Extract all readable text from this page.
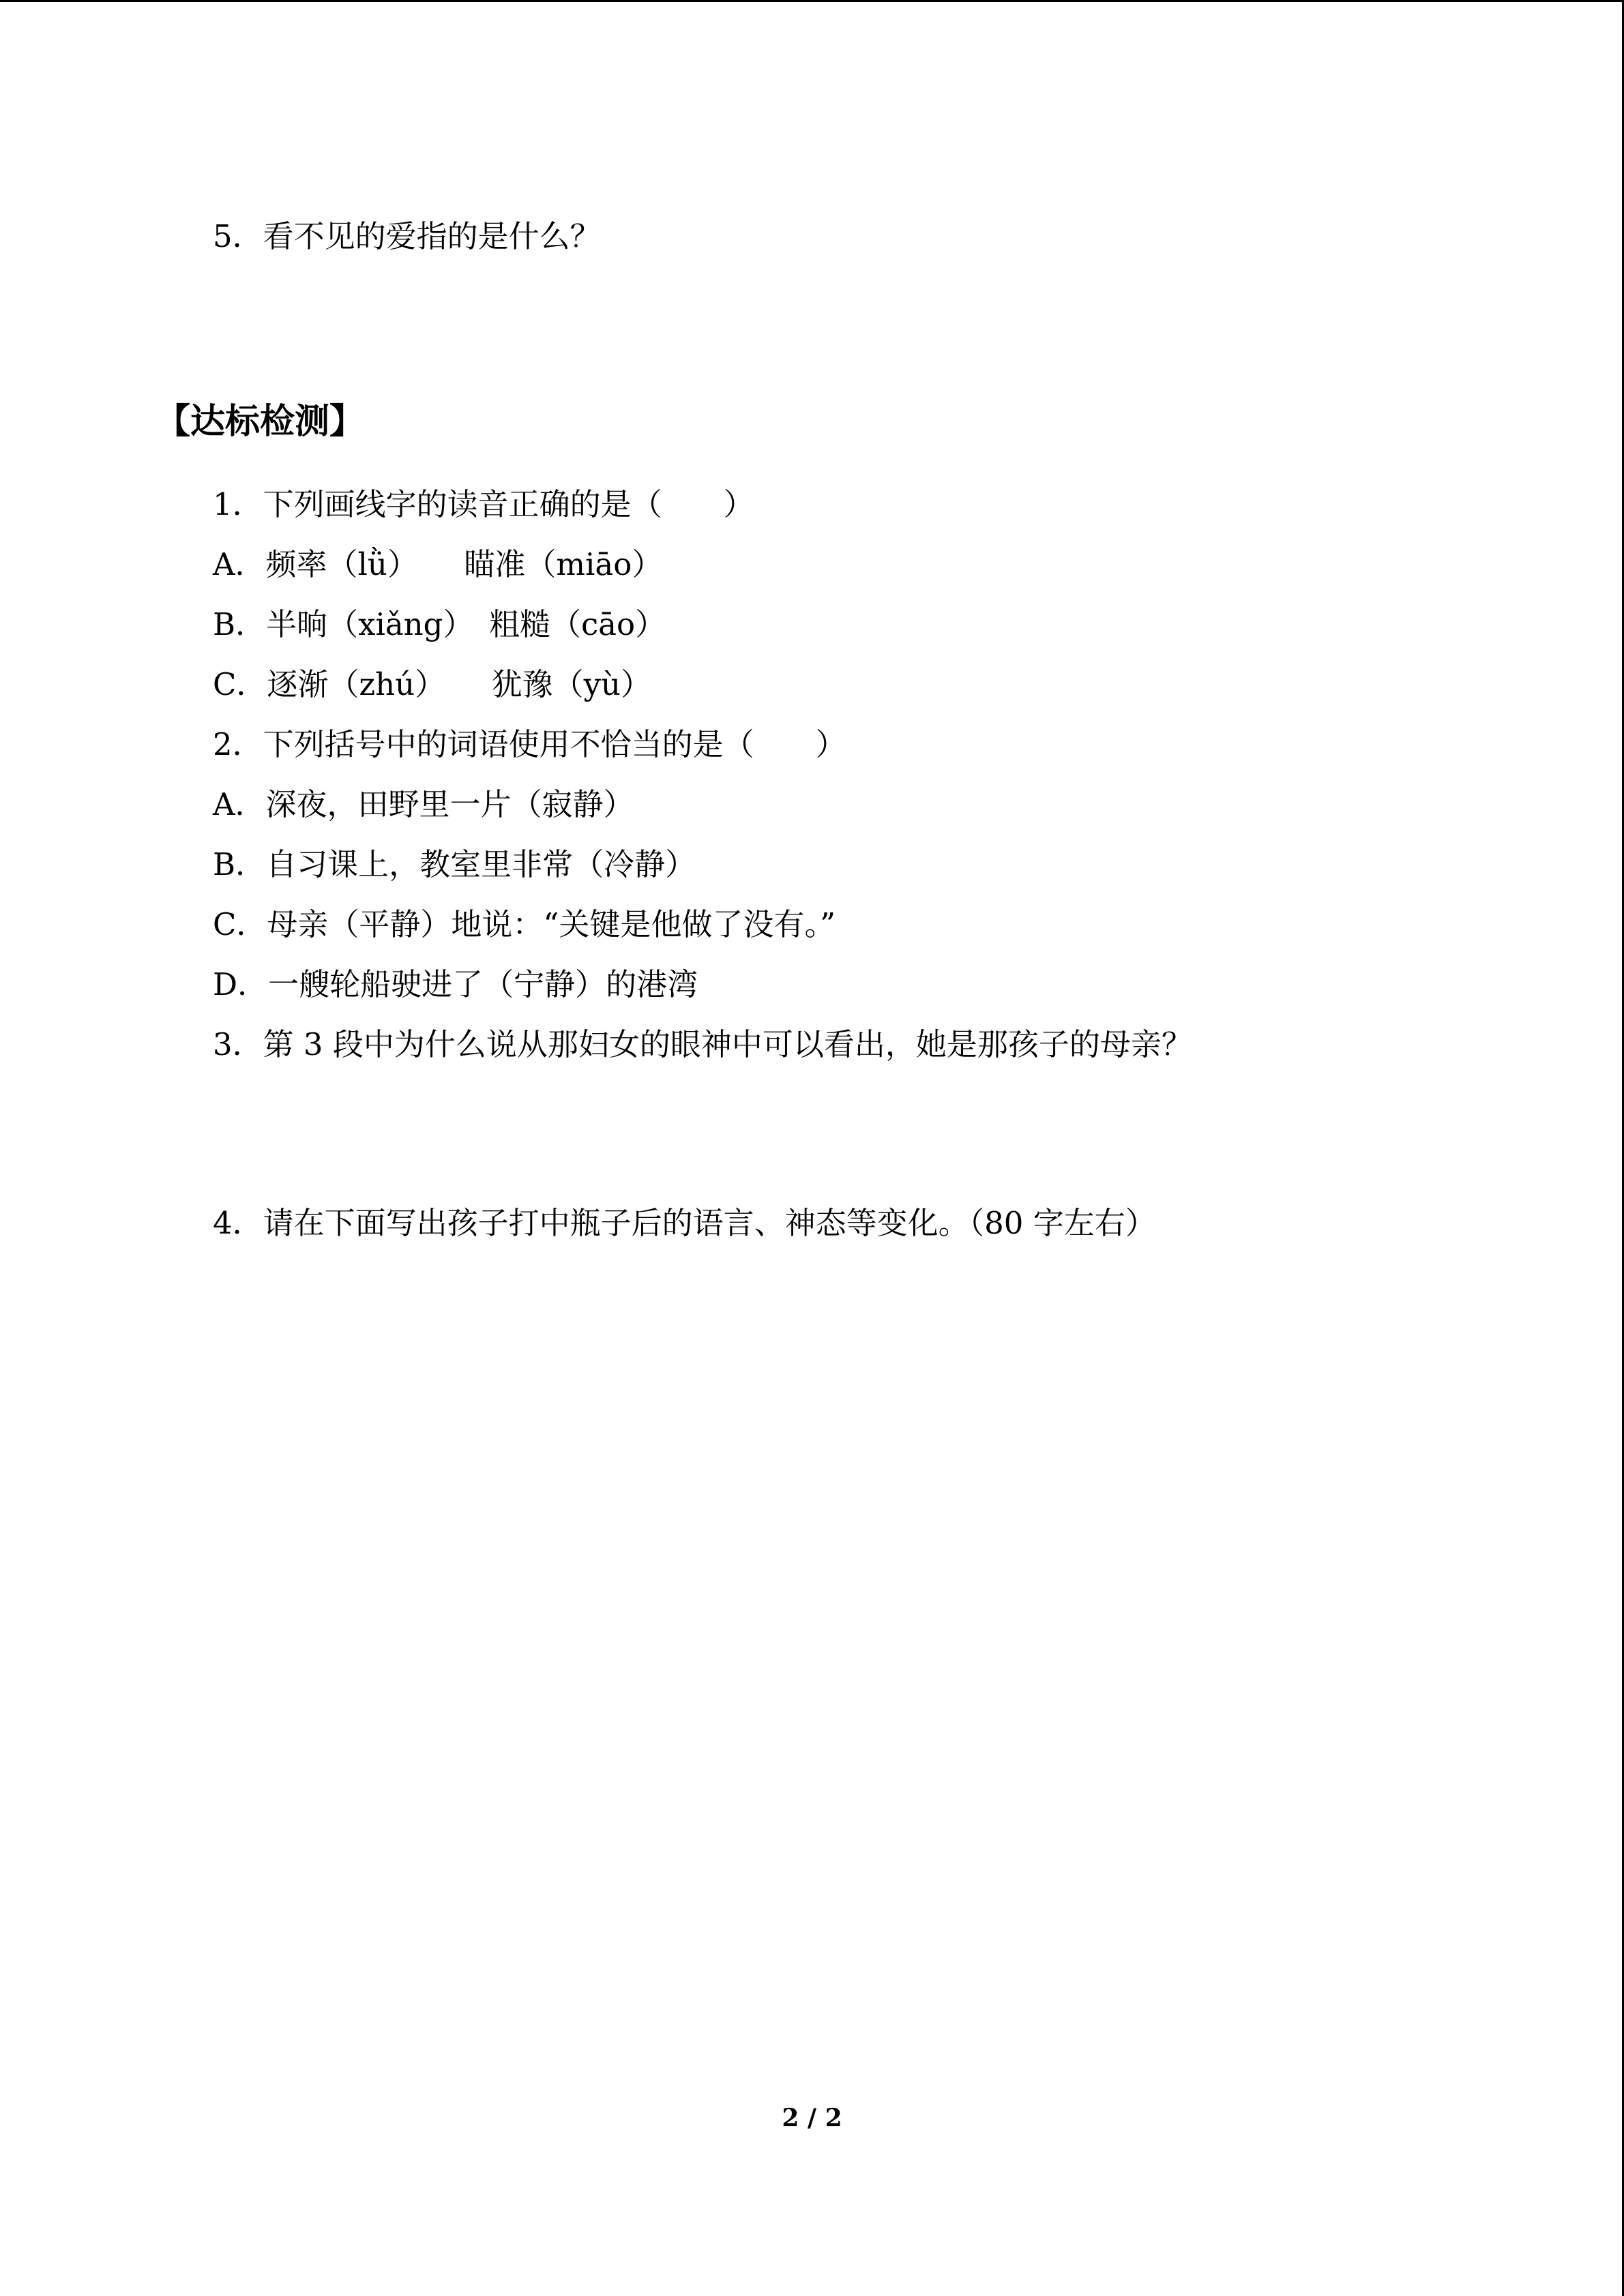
5．看不见的爱指的是什么？
【达标检测】
1．下列画线字的读音正确的是（　　）
A．频率（lǜ）　　瞄准（miāo）
B．半晌（xiǎng）　粗糙（cāo）
C．逐渐（zhú）　　犹豫（yù）
2．下列括号中的词语使用不恰当的是（　　）
A．深夜，田野里一片（寂静）
B．自习课上，教室里非常（冷静）
C．母亲（平静）地说：“关键是他做了没有。”
D．一艘轮船驶进了（宁静）的港湾
3．第 3 段中为什么说从那妇女的眼神中可以看出，她是那孩子的母亲？
4．请在下面写出孩子打中瓶子后的语言、神态等变化。（80 字左右）
2 / 2
